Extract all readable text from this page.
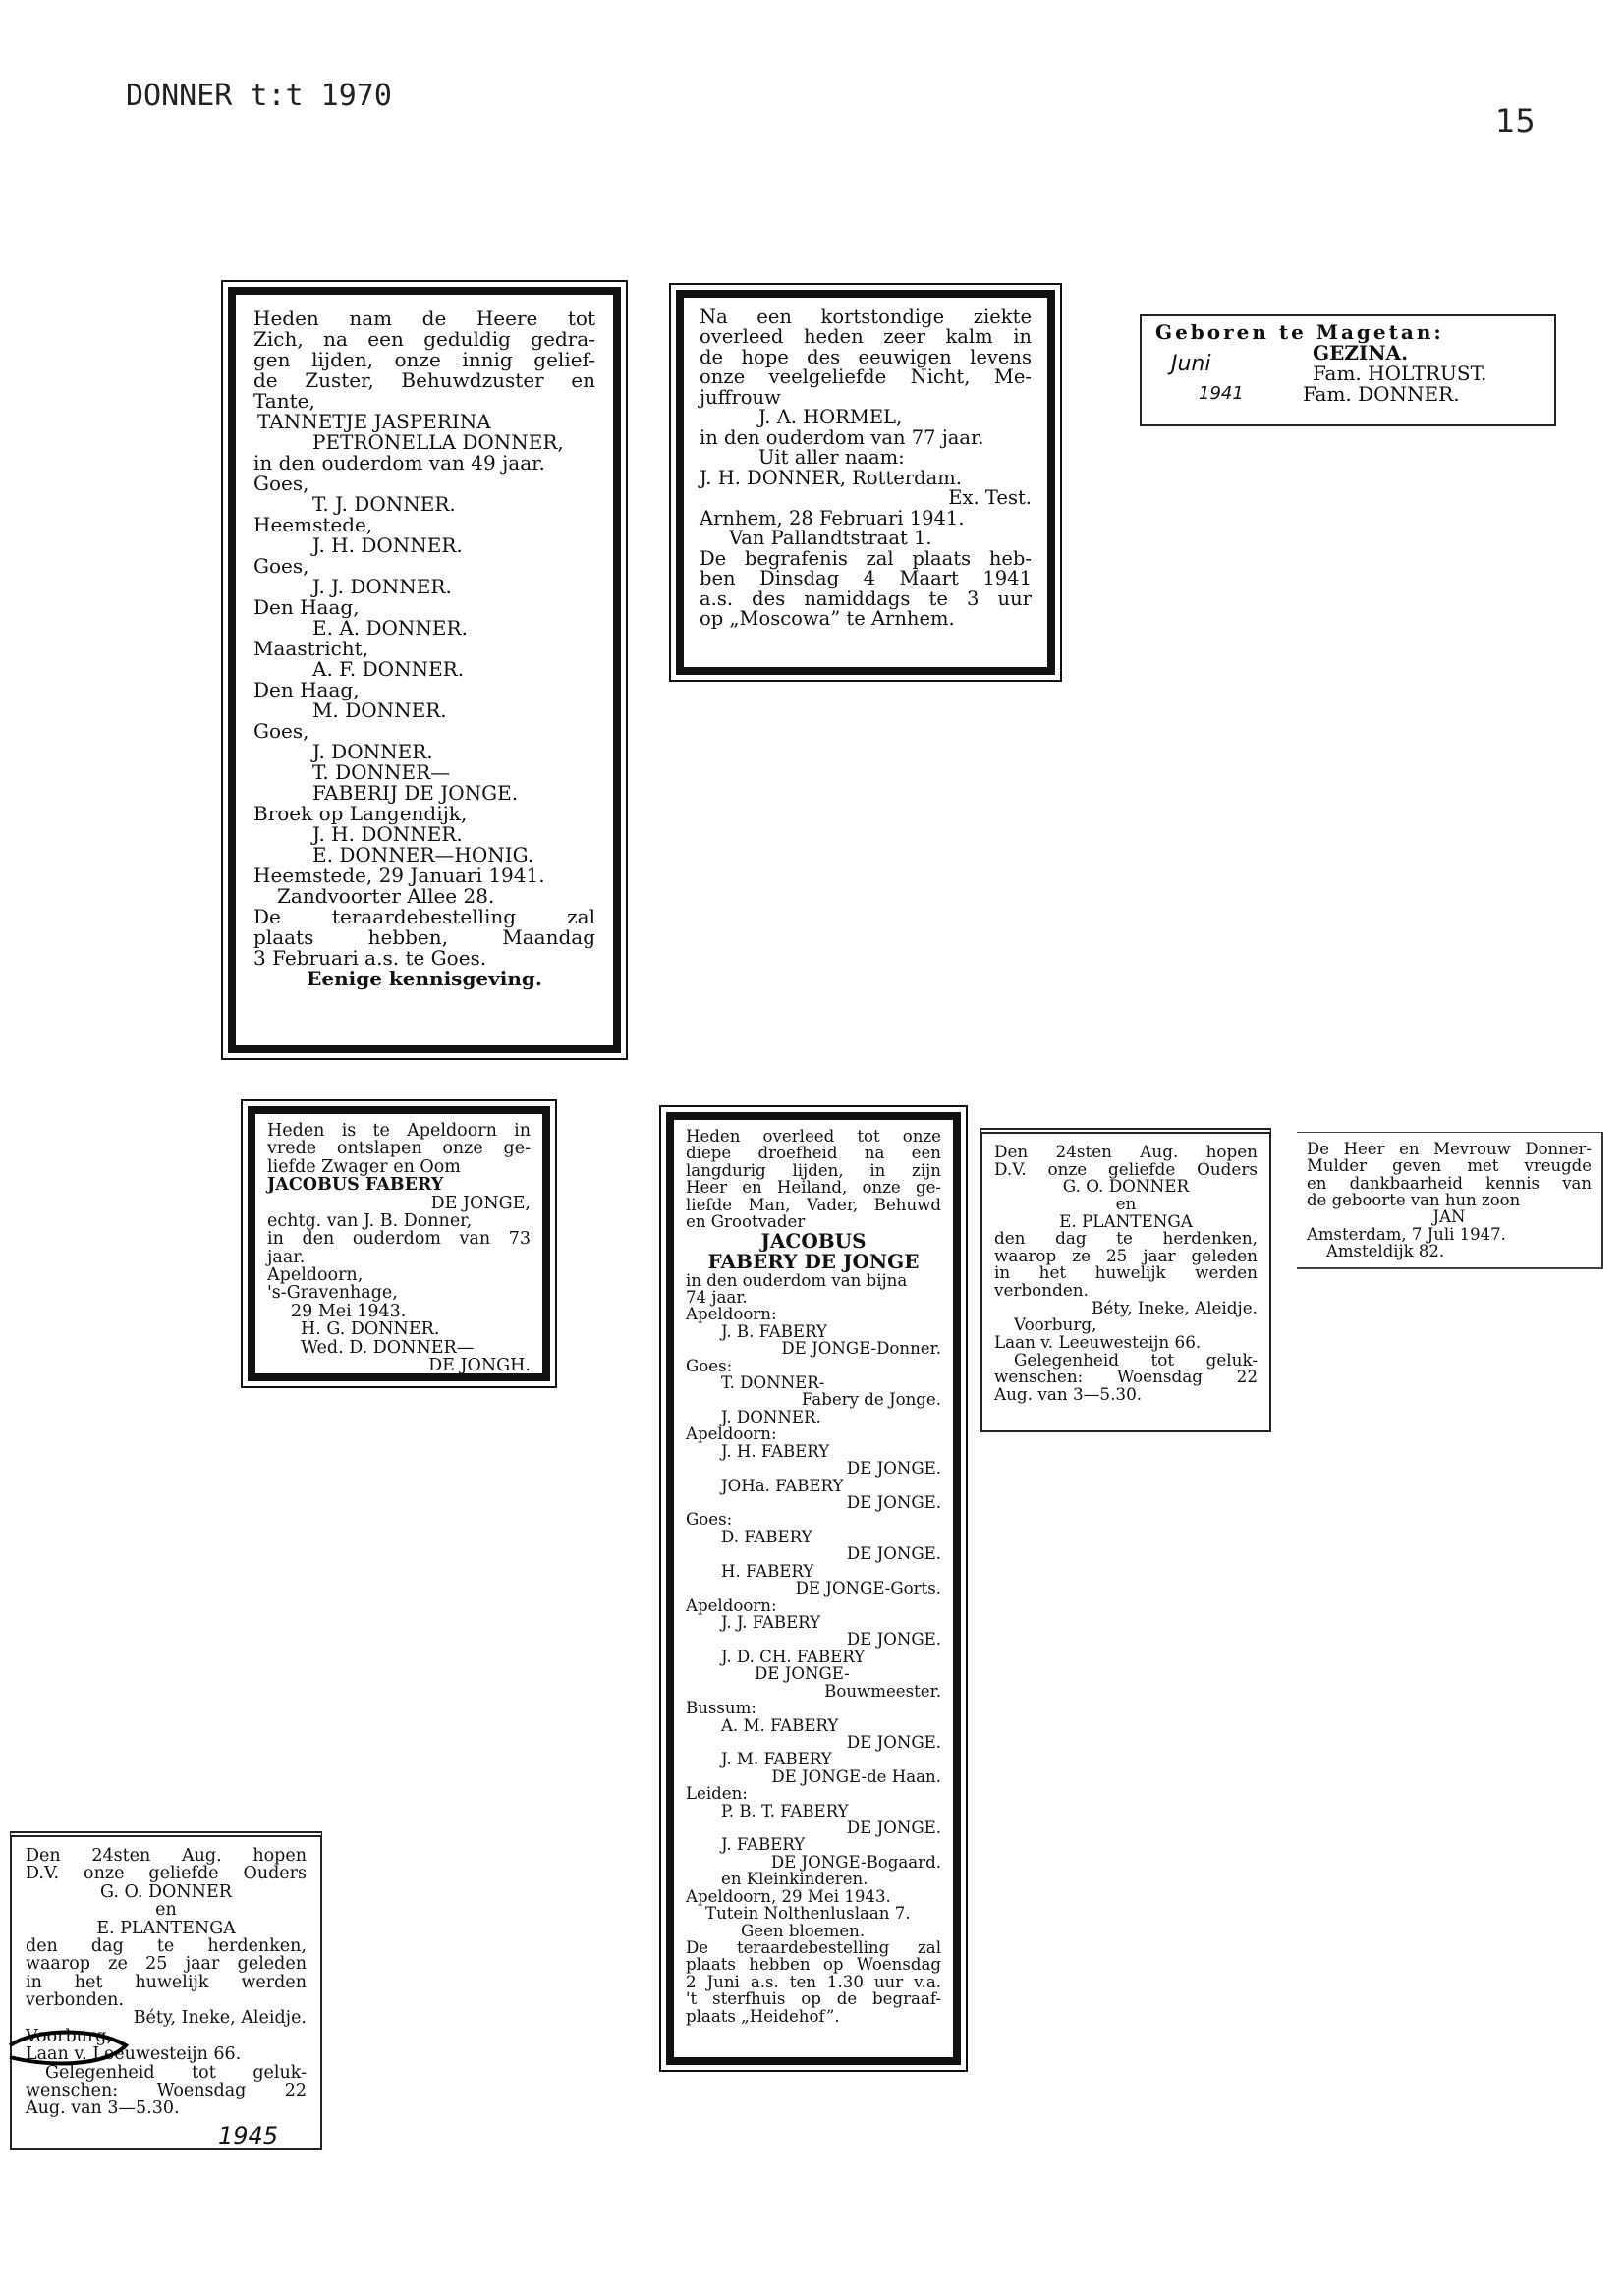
DONNER t:t 1970
15

Heden nam de Heere tot

Zich, na een geduldig gedra-

gen lijden, onze innig gelief-

de Zuster, Behuwdzuster en

Tante,

TANNETJE JASPERINA

PETRONELLA DONNER,

in den ouderdom van 49 jaar.

Goes,

T. J. DONNER.

Heemstede,

J. H. DONNER.

Goes,

J. J. DONNER.

Den Haag,

E. A. DONNER.

Maastricht,

A. F. DONNER.

Den Haag,

M. DONNER.

Goes,

J. DONNER.

T. DONNER—

FABERIJ DE JONGE.

Broek op Langendijk,

J. H. DONNER.

E. DONNER—HONIG.

Heemstede, 29 Januari 1941.

Zandvoorter Allee 28.

De teraardebestelling zal

plaats hebben, Maandag

3 Februari a.s. te Goes.

Eenige kennisgeving.

Na een kortstondige ziekte

overleed heden zeer kalm in

de hope des eeuwigen levens

onze veelgeliefde Nicht, Me-

juffrouw

J. A. HORMEL,

in den ouderdom van 77 jaar.

Uit aller naam:

J. H. DONNER, Rotterdam.

Ex. Test.

Arnhem, 28 Februari 1941.

Van Pallandtstraat 1.

De begrafenis zal plaats heb-

ben Dinsdag 4 Maart 1941

a.s. des namiddags te 3 uur

op „Moscowa” te Arnhem.

Geboren te Magetan:

GEZINA.

Fam. HOLTRUST.

Fam. DONNER.

Juni
1941

Heden is te Apeldoorn in

vrede ontslapen onze ge-

liefde Zwager en Oom

JACOBUS FABERY

DE JONGE,

echtg. van J. B. Donner,

in den ouderdom van 73

jaar.

Apeldoorn,

's-Gravenhage,

29 Mei 1943.

H. G. DONNER.

Wed. D. DONNER—

DE JONGH.

Heden overleed tot onze

diepe droefheid na een

langdurig lijden, in zijn

Heer en Heiland, onze ge-

liefde Man, Vader, Behuwd

en Grootvader

JACOBUS

FABERY DE JONGE

in den ouderdom van bijna

74 jaar.

Apeldoorn:

J. B. FABERY

DE JONGE-Donner.

Goes:

T. DONNER-

Fabery de Jonge.

J. DONNER.

Apeldoorn:

J. H. FABERY

DE JONGE.

JOHa. FABERY

DE JONGE.

Goes:

D. FABERY

DE JONGE.

H. FABERY

DE JONGE-Gorts.

Apeldoorn:

J. J. FABERY

DE JONGE.

J. D. CH. FABERY

DE JONGE-

Bouwmeester.

Bussum:

A. M. FABERY

DE JONGE.

J. M. FABERY

DE JONGE-de Haan.

Leiden:

P. B. T. FABERY

DE JONGE.

J. FABERY

DE JONGE-Bogaard.

en Kleinkinderen.

Apeldoorn, 29 Mei 1943.

Tutein Nolthenluslaan 7.

Geen bloemen.

De teraardebestelling zal

plaats hebben op Woensdag

2 Juni a.s. ten 1.30 uur v.a.

't sterfhuis op de begraaf-

plaats „Heidehof”.

Den 24sten Aug. hopen

D.V. onze geliefde Ouders

G. O. DONNER

en

E. PLANTENGA

den dag te herdenken,

waarop ze 25 jaar geleden

in het huwelijk werden

verbonden.

Béty, Ineke, Aleidje.

Voorburg,

Laan v. Leeuwesteijn 66.

Gelegenheid tot geluk-

wenschen: Woensdag 22

Aug. van 3—5.30.

De Heer en Mevrouw Donner-

Mulder geven met vreugde

en dankbaarheid kennis van

de geboorte van hun zoon

JAN

Amsterdam, 7 Juli 1947.

Amsteldijk 82.

Den 24sten Aug. hopen

D.V. onze geliefde Ouders

G. O. DONNER

en

E. PLANTENGA

den dag te herdenken,

waarop ze 25 jaar geleden

in het huwelijk werden

verbonden.

Béty, Ineke, Aleidje.

Voorburg,

Laan v. Leeuwesteijn 66.

Gelegenheid tot geluk-

wenschen: Woensdag 22

Aug. van 3—5.30.

1945
